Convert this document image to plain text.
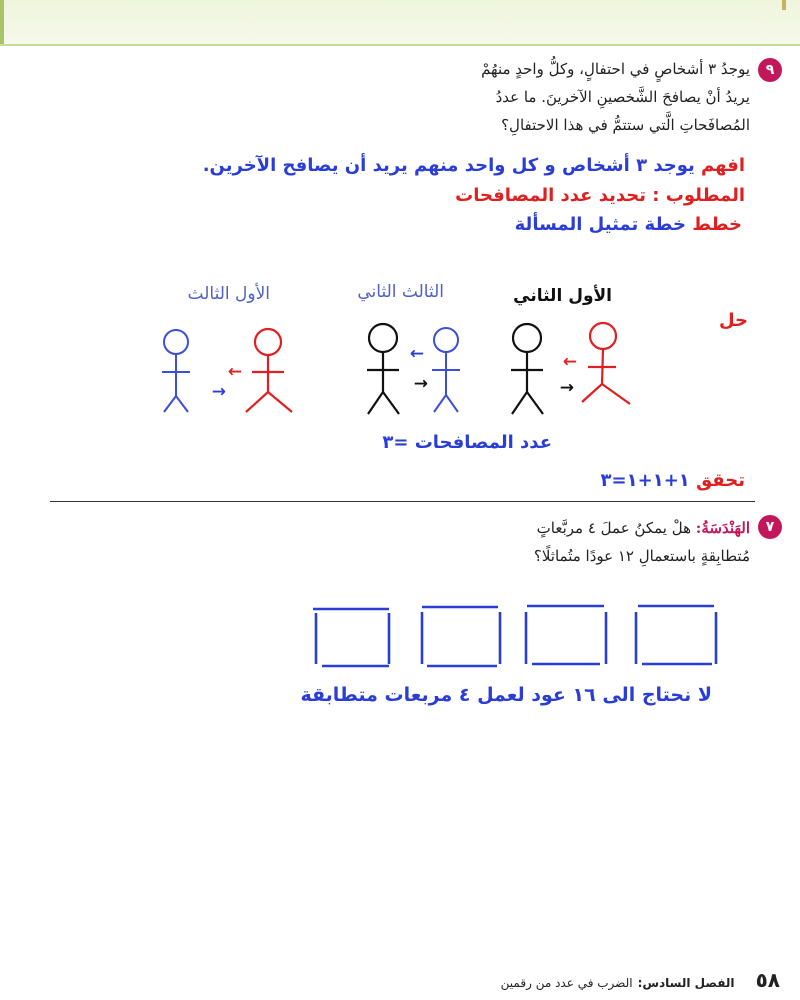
٩
يوجدُ ٣ أشخاصٍ في احتفالٍ، وكلُّ واحدٍ منهُمْ
يريدُ أنْ يصافحَ الشَّخصينِ الآخرينَ. ما عددُ
المُصافَحاتِ الَّتي ستتمُّ في هذا الاحتفالِ؟
افهم يوجد ٣ أشخاص و كل واحد منهم يريد أن يصافح الآخرين.
المطلوب : تحديد عدد المصافحات
خطط خطة تمثيل المسألة
حل
الأول الثاني
الثالث الثاني
الأول الثالث
←
→
←
→
←
→
عدد المصافحات =٣
تحقق ١+١+١=٣
٧
الهَنْدَسَةُ: هلْ يمكنُ عملَ ٤ مربَّعاتٍ
مُتطابِقةٍ باستعمالِ ١٢ عودًا متُماثلًا؟
لا نحتاج الى ١٦ عود لعمل ٤ مربعات متطابقة
٥٨ الفصل السادس: الضرب في عدد من رقمين
